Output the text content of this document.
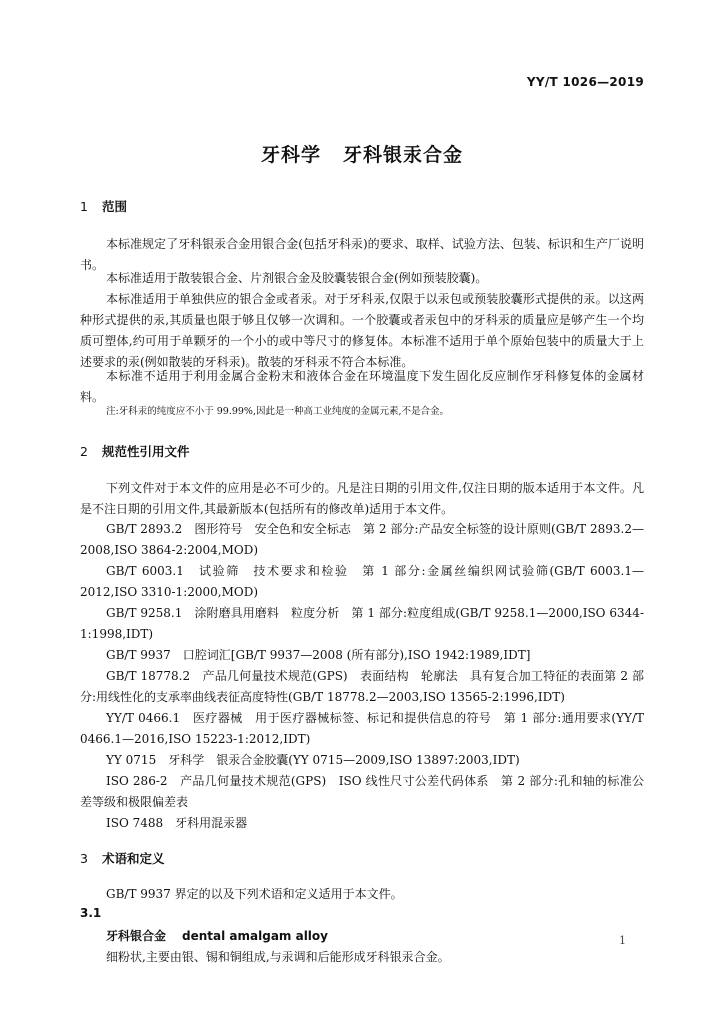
YY/T 1026—2019
牙科学 牙科银汞合金
1 范围
本标准规定了牙科银汞合金用银合金(包括牙科汞)的要求、取样、试验方法、包装、标识和生产厂说明书。
本标准适用于散装银合金、片剂银合金及胶囊装银合金(例如预装胶囊)。
本标准适用于单独供应的银合金或者汞。对于牙科汞,仅限于以汞包或预装胶囊形式提供的汞。以这两种形式提供的汞,其质量也限于够且仅够一次调和。一个胶囊或者汞包中的牙科汞的质量应是够产生一个均质可塑体,约可用于单颗牙的一个小的或中等尺寸的修复体。本标准不适用于单个原始包装中的质量大于上述要求的汞(例如散装的牙科汞)。散装的牙科汞不符合本标准。
本标准不适用于利用金属合金粉末和液体合金在环境温度下发生固化反应制作牙科修复体的金属材料。
注:牙科汞的纯度应不小于 99.99%,因此是一种高工业纯度的金属元素,不是合金。
2 规范性引用文件
下列文件对于本文件的应用是必不可少的。凡是注日期的引用文件,仅注日期的版本适用于本文件。凡是不注日期的引用文件,其最新版本(包括所有的修改单)适用于本文件。
GB/T 2893.2　图形符号　安全色和安全标志　第 2 部分:产品安全标签的设计原则(GB/T 2893.2—2008,ISO 3864-2:2004,MOD)
GB/T 6003.1　试验筛　技术要求和检验　第 1 部分:金属丝编织网试验筛(GB/T 6003.1—2012,ISO 3310-1:2000,MOD)
GB/T 9258.1　涂附磨具用磨料　粒度分析　第 1 部分:粒度组成(GB/T 9258.1—2000,ISO 6344-1:1998,IDT)
GB/T 9937　口腔词汇[GB/T 9937—2008 (所有部分),ISO 1942:1989,IDT]
GB/T 18778.2　产品几何量技术规范(GPS)　表面结构　轮廓法　具有复合加工特征的表面第 2 部分:用线性化的支承率曲线表征高度特性(GB/T 18778.2—2003,ISO 13565-2:1996,IDT)
YY/T 0466.1　医疗器械　用于医疗器械标签、标记和提供信息的符号　第 1 部分:通用要求(YY/T 0466.1—2016,ISO 15223-1:2012,IDT)
YY 0715　牙科学　银汞合金胶囊(YY 0715—2009,ISO 13897:2003,IDT)
ISO 286-2　产品几何量技术规范(GPS)　ISO 线性尺寸公差代码体系　第 2 部分:孔和轴的标准公差等级和极限偏差表
ISO 7488　牙科用混汞器
3 术语和定义
GB/T 9937 界定的以及下列术语和定义适用于本文件。
3.1
牙科银合金 dental amalgam alloy
细粉状,主要由银、锡和铜组成,与汞调和后能形成牙科银汞合金。
1
